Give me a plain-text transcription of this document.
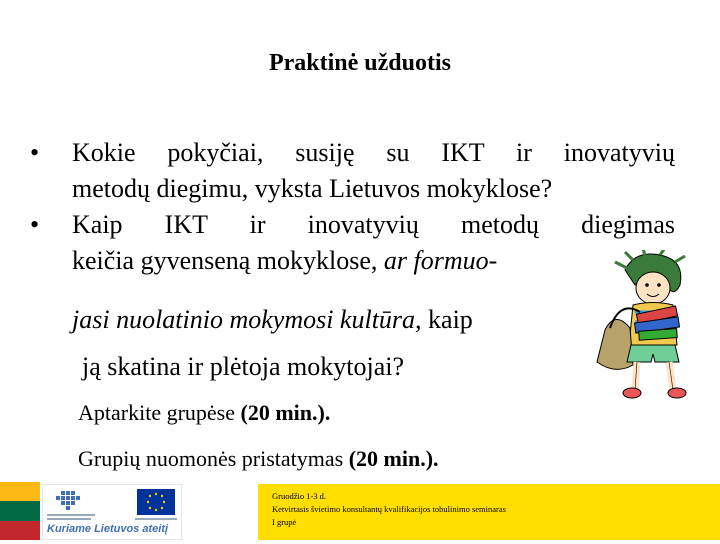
Praktinė užduotis
• Kokie pokyčiai, susiję su IKT ir inovatyvių
metodų diegimu, vyksta Lietuvos mokyklose?
• Kaip IKT ir inovatyvių metodų diegimas
keičia gyvenseną mokyklose, ar formuo-
jasi nuolatinio mokymosi kultūra, kaip
ją skatina ir plėtoja mokytojai?
Aptarkite grupėse (20 min.).
Grupių nuomonės pristatymas (20 min.).
Kuriame Lietuvos ateitį
Gruodžio 1-3 d.
Ketvirtasis švietimo konsultantų kvalifikacijos tobulinimo seminaras
I grupė
